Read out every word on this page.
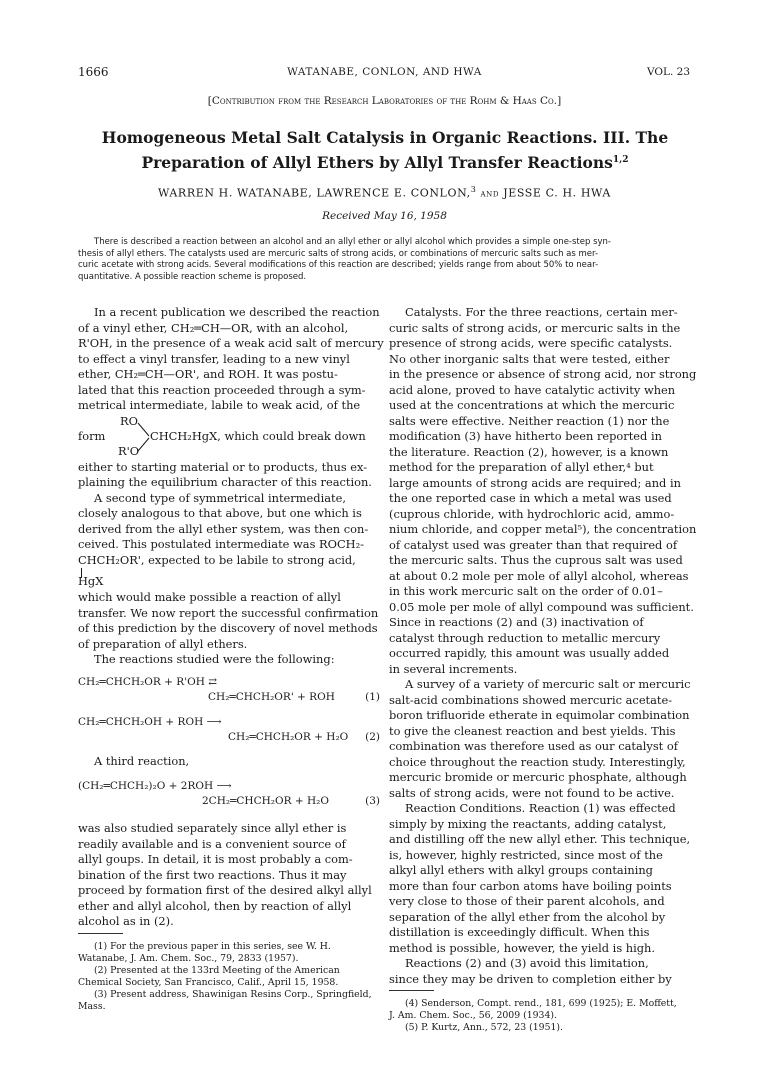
1666	WATANABE, CONLON, AND HWA	VOL. 23
[Contribution from the Research Laboratories of the Rohm & Haas Co.]
Homogeneous Metal Salt Catalysis in Organic Reactions. III. The Preparation of Allyl Ethers by Allyl Transfer Reactions$^{1,2}$
WARREN H. WATANABE, LAWRENCE E. CONLON,$^3$ and JESSE C. H. HWA
Received May 16, 1958
There is described a reaction between an alcohol and an allyl ether or allyl alcohol which provides a simple one-step syn-
thesis of allyl ethers. The catalysts used are mercuric salts of strong acids, or combinations of mercuric salts such as mer-
curic acetate with strong acids. Several modifications of this reaction are described; yields range from about 50% to near-
quantitative. A possible reaction scheme is proposed.
In a recent publication we described the reaction
of a vinyl ether, CH₂═CH—OR, with an alcohol,
R'OH, in the presence of a weak acid salt of mercury
to effect a vinyl transfer, leading to a new vinyl
ether, CH₂═CH—OR', and ROH. It was postu-
lated that this reaction proceeded through a sym-
metrical intermediate, labile to weak acid, of the
RO
form	CHCH₂HgX, which could break down
R'O
either to starting material or to products, thus ex-
plaining the equilibrium character of this reaction.
A second type of symmetrical intermediate,
closely analogous to that above, but one which is
derived from the allyl ether system, was then con-
ceived. This postulated intermediate was ROCH₂-
CHCH₂OR', expected to be labile to strong acid,
HgX
which would make possible a reaction of allyl
transfer. We now report the successful confirmation
of this prediction by the discovery of novel methods
of preparation of allyl ethers.
The reactions studied were the following:
CH₂═CHCH₂OR + R'OH ⇄
CH₂═CHCH₂OR' + ROH	(1)
CH₂═CHCH₂OH + ROH ⟶
CH₂═CHCH₂OR + H₂O (2)
A third reaction,
(CH₂═CHCH₂)₂O + 2ROH ⟶
2CH₂═CHCH₂OR + H₂O	(3)
was also studied separately since allyl ether is
readily available and is a convenient source of
allyl goups. In detail, it is most probably a com-
bination of the first two reactions. Thus it may
proceed by formation first of the desired alkyl allyl
ether and allyl alcohol, then by reaction of allyl
alcohol as in (2).
(1) For the previous paper in this series, see W. H.
Watanabe, J. Am. Chem. Soc., 79, 2833 (1957).
(2) Presented at the 133rd Meeting of the American
Chemical Society, San Francisco, Calif., April 15, 1958.
(3) Present address, Shawinigan Resins Corp., Springfield,
Mass.
Catalysts. For the three reactions, certain mer-
curic salts of strong acids, or mercuric salts in the
presence of strong acids, were specific catalysts.
No other inorganic salts that were tested, either
in the presence or absence of strong acid, nor strong
acid alone, proved to have catalytic activity when
used at the concentrations at which the mercuric
salts were effective. Neither reaction (1) nor the
modification (3) have hitherto been reported in
the literature. Reaction (2), however, is a known
method for the preparation of allyl ether,⁴ but
large amounts of strong acids are required; and in
the one reported case in which a metal was used
(cuprous chloride, with hydrochloric acid, ammo-
nium chloride, and copper metal⁵), the concentration
of catalyst used was greater than that required of
the mercuric salts. Thus the cuprous salt was used
at about 0.2 mole per mole of allyl alcohol, whereas
in this work mercuric salt on the order of 0.01–
0.05 mole per mole of allyl compound was sufficient.
Since in reactions (2) and (3) inactivation of
catalyst through reduction to metallic mercury
occurred rapidly, this amount was usually added
in several increments.
A survey of a variety of mercuric salt or mercuric
salt-acid combinations showed mercuric acetate-
boron trifluoride etherate in equimolar combination
to give the cleanest reaction and best yields. This
combination was therefore used as our catalyst of
choice throughout the reaction study. Interestingly,
mercuric bromide or mercuric phosphate, although
salts of strong acids, were not found to be active.
Reaction Conditions. Reaction (1) was effected
simply by mixing the reactants, adding catalyst,
and distilling off the new allyl ether. This technique,
is, however, highly restricted, since most of the
alkyl allyl ethers with alkyl groups containing
more than four carbon atoms have boiling points
very close to those of their parent alcohols, and
separation of the allyl ether from the alcohol by
distillation is exceedingly difficult. When this
method is possible, however, the yield is high.
Reactions (2) and (3) avoid this limitation,
since they may be driven to completion either by
(4) Senderson, Compt. rend., 181, 699 (1925); E. Moffett,
J. Am. Chem. Soc., 56, 2009 (1934).
(5) P. Kurtz, Ann., 572, 23 (1951).
